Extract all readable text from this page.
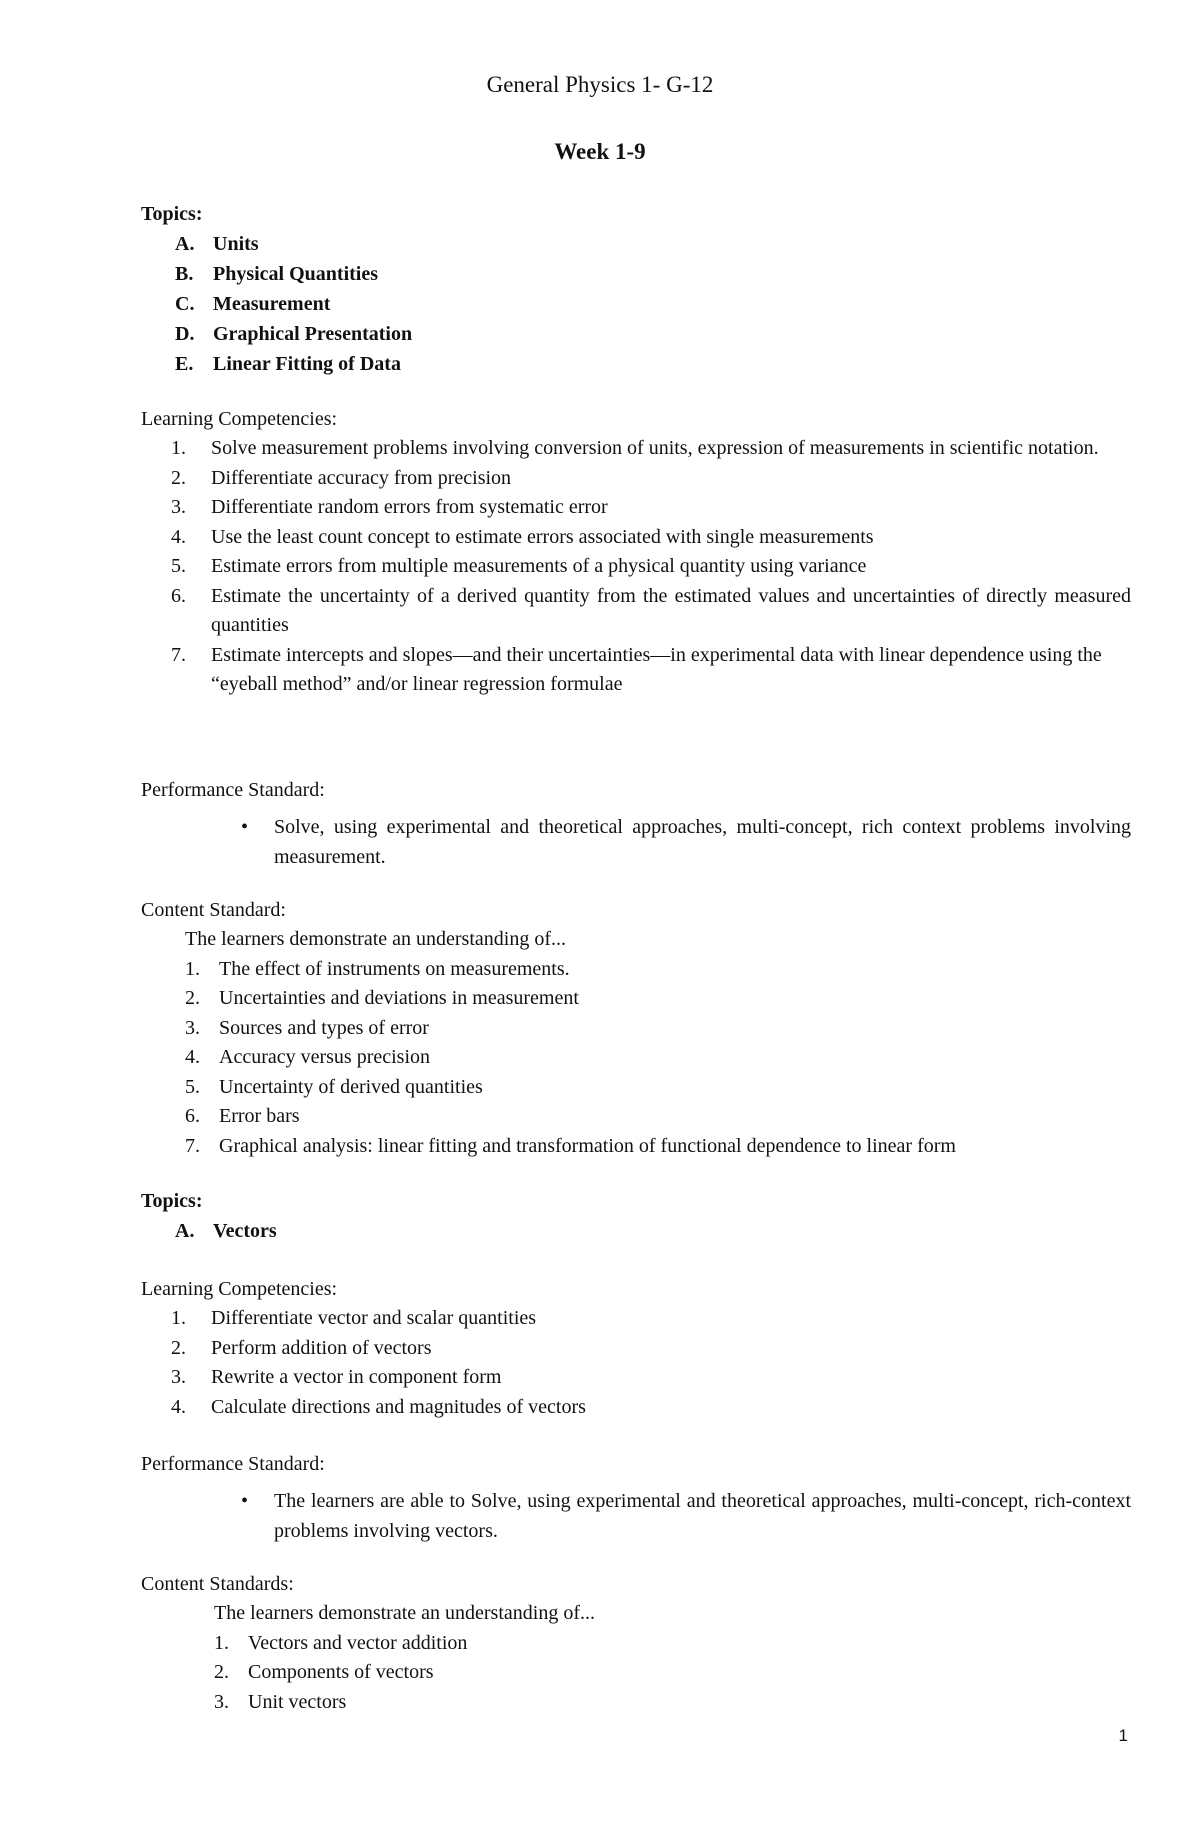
General Physics 1- G-12
Week 1-9

Topics:

A. Units
B. Physical Quantities
C. Measurement
D. Graphical Presentation
E. Linear Fitting of Data

Learning Competencies:

1. Solve measurement problems involving conversion of units, expression of measurements in scientific notation.
2. Differentiate accuracy from precision
3. Differentiate random errors from systematic error
4. Use the least count concept to estimate errors associated with single measurements
5. Estimate errors from multiple measurements of a physical quantity using variance
6. Estimate the uncertainty of a derived quantity from the estimated values and uncertainties of directly measured quantities
7. Estimate intercepts and slopes—and their uncertainties—in experimental data with linear dependence using the “eyeball method” and/or linear regression formulae

Performance Standard:

• Solve, using experimental and theoretical approaches, multi-concept, rich context problems involving measurement.

Content Standard:

The learners demonstrate an understanding of...
1. The effect of instruments on measurements.
2. Uncertainties and deviations in measurement
3. Sources and types of error
4. Accuracy versus precision
5. Uncertainty of derived quantities
6. Error bars
7. Graphical analysis: linear fitting and transformation of functional dependence to linear form

Topics:

A. Vectors

Learning Competencies:

1. Differentiate vector and scalar quantities
2. Perform addition of vectors
3. Rewrite a vector in component form
4. Calculate directions and magnitudes of vectors

Performance Standard:

• The learners are able to Solve, using experimental and theoretical approaches, multi-concept, rich-context problems involving vectors.

Content Standards:

The learners demonstrate an understanding of...
1. Vectors and vector addition
2. Components of vectors
3. Unit vectors
1
